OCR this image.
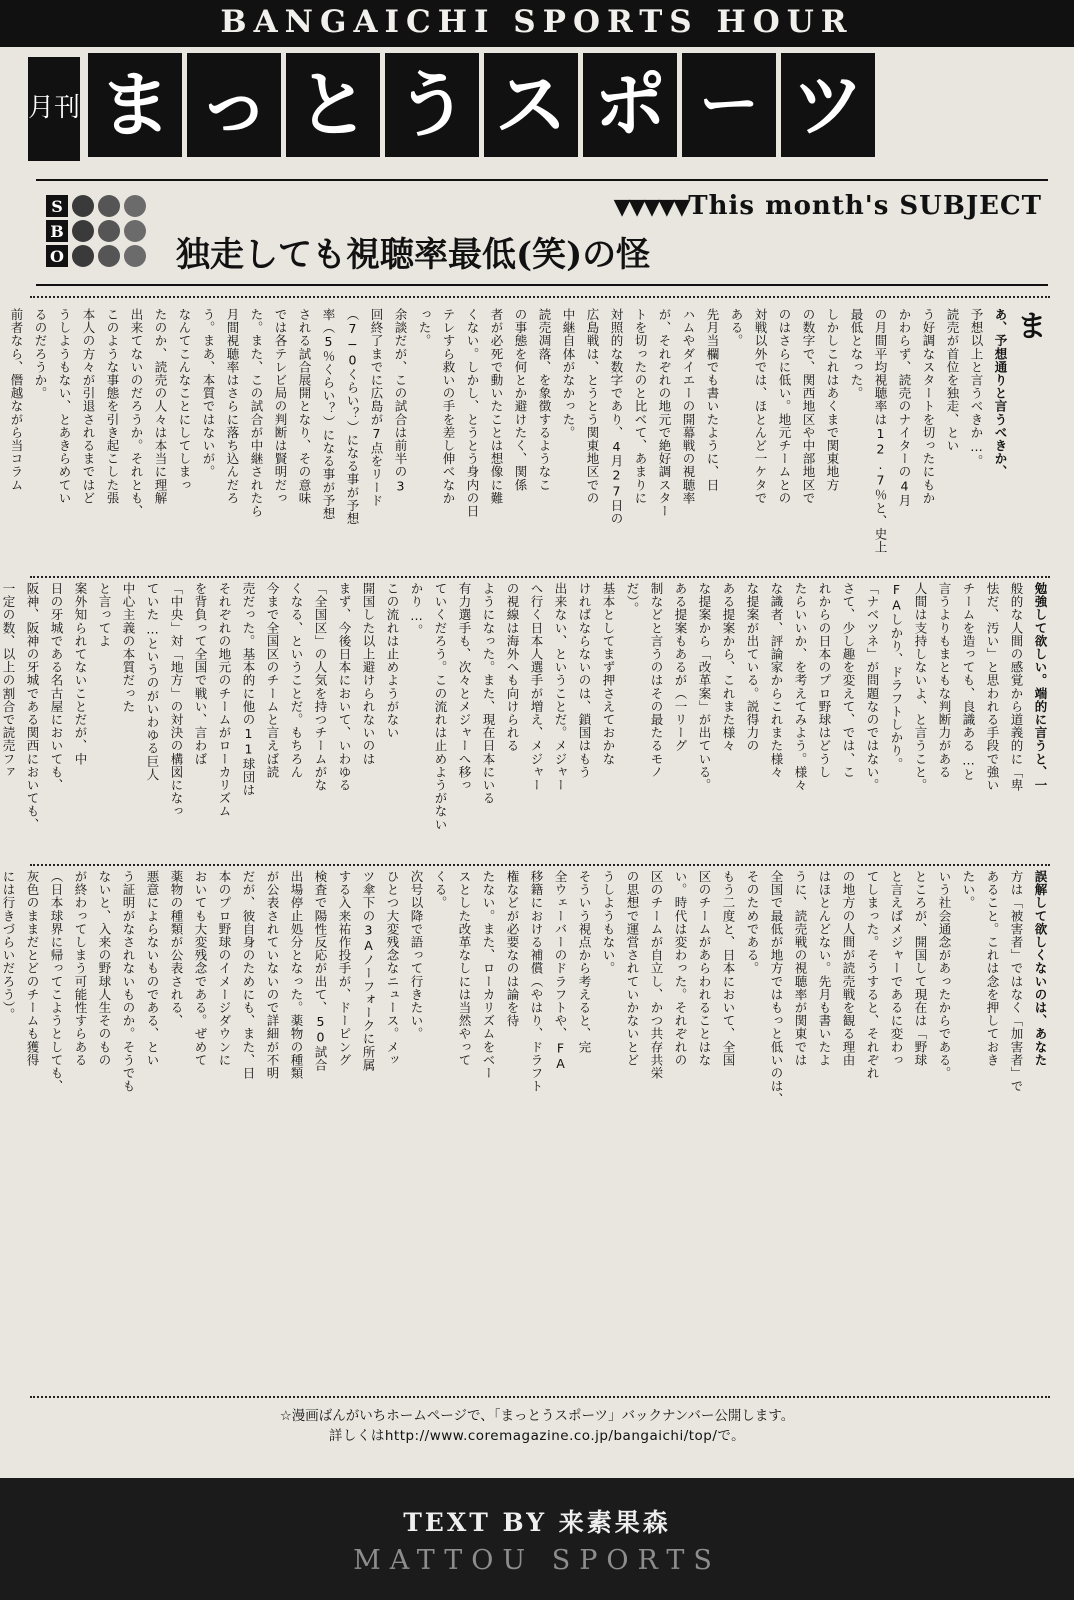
BANGAICHI SPORTS HOUR
月刊 ま っ と う ス ポ ー ツ
S
B
O
▼▼▼▼▼This month's SUBJECT
独走しても視聴率最低(笑)の怪
ま
あ、予想通りと言うべきか、
予想以上と言うべきか…。
読売が首位を独走、とい
う好調なスタートを切ったにもか
かわらず、読売のナイターの4月
の月間平均視聴率は12.7％と、史上
最低となった。
しかしこれはあくまで関東地方
の数字で、関西地区や中部地区で
のはさらに低い。地元チームとの
対戦以外では、ほとんど一ケタで
ある。
先月当欄でも書いたように、日
ハムやダイエーの開幕戦の視聴率
が、それぞれの地元で絶好調スター
トを切ったのと比べて、あまりに
対照的な数字であり、4月27日の
広島戦は、とうとう関東地区での
中継自体がなかった。
読売凋落、を象徴するようなこ
の事態を何とか避けたく、関係
者が必死で動いたことは想像に難
くない。しかし、とうとう身内の日
テレすら救いの手を差し伸べなか
った。
余談だが、この試合は前半の3
回終了までに広島が7点をリード
（7−0くらい？）になる事が予想
率（5％くらい？）になる事が予想
される試合展開となり、その意味
では各テレビ局の判断は賢明だっ
た。また、この試合が中継されたら
月間視聴率はさらに落ち込んだろ
う。まあ、本質ではないが。
なんてこんなことにしてしまっ
たのか、読売の人々は本当に理解
出来てないのだろうか。それとも、
このような事態を引き起こした張
本人の方々が引退されるまではど
うしようもない、とあきらめてい
るのだろうか。
前者なら、僭越ながら当コラム
勉強して欲しい。端的に言うと、一
般的な人間の感覚から道義的に「卑
怯だ、汚い」と思われる手段で強い
チームを造っても、良識ある…と
言うよりもまともな判断力がある
人間は支持しないよ、と言うこと。
FAしかり、ドラフトしかり。
「ナベツネ」が問題なのではない。
さて、少し趣を変えて、では、こ
れからの日本のプロ野球はどうし
たらいいか、を考えてみよう。様々
な識者、評論家からこれまた様々
な提案が出ている。説得力の
ある提案から、これまた様々
な提案から「改革案」が出ている。
ある提案もあるが（一リーグ
制などと言うのはその最たるモノ
だ）。
基本としてまず押さえておかな
ければならないのは、鎖国はもう
出来ない、ということだ。メジャー
へ行く日本人選手が増え、メジャー
の視線は海外へも向けられる
ようになった。また、現在日本にいる
有力選手も、次々とメジャーへ移っ
ていくだろう。この流れは止めようがない
かり…。
この流れは止めようがない
開国した以上避けられないのは
まず、今後日本において、いわゆる
「全国区」の人気を持つチームがな
くなる、ということだ。もちろん
今まで全国区のチームと言えば読
売だった。基本的に他の11球団は
それぞれの地元のチームがローカリズム
を背負って全国で戦い、言わば
「中央」対「地方」の対決の構図になっ
ていた…というのがいわゆる巨人
中心主義の本質だった
と言ってよ
案外知られてないことだが、中
日の牙城である名古屋においても、
阪神、阪神の牙城である関西においても、
一定の数、以上の割合で読売ファ
誤解して欲しくないのは、あなた
方は「被害者」ではなく「加害者」で
あること。これは念を押しておき
たい。
いう社会通念があったからである。
ところが、開国して現在は「野球
と言えばメジャーであるに変わっ
てしまった。そうすると、それぞれ
の地方の人間が読売戦を観る理由
はほとんどない。先月も書いたよ
うに、読売戦の視聴率が関東では
全国で最低が地方ではもっと低いのは、
そのためである。
もう二度と、日本において、全国
区のチームがあらわれることはな
い。時代は変わった。それぞれの
区のチームが自立し、かつ共存共栄
の思想で運営されていかないとど
うしようもない。
そういう視点から考えると、完
全ウェーバーのドラフトや、FA
移籍における補償（やはり、ドラフト
権などが必要なのは論を待
たない。また、ローカリズムをベー
スとした改革なしには当然やって
くる。
次号以降で語って行きたい。
ひとつ大変残念なニュース。メッ
ツ傘下の3Aノーフォークに所属
する入来祐作投手が、ドーピング
検査で陽性反応が出て、50試合
出場停止処分となった。薬物の種類
が公表されていないので詳細が不明
だが、彼自身のためにも、また、日
本のプロ野球のイメージダウンに
おいても大変残念である。ぜめて
薬物の種類が公表される、
悪意によらないものである、とい
う証明がなされないものか。そうでも
ないと、入来の野球人生そのもの
が終わってしまう可能性すらある
（日本球界に帰ってこようとしても、
灰色のままだとどのチームも獲得
には行きづらいだろう）。
☆漫画ばんがいちホームページで、「まっとうスポーツ」バックナンバー公開します。
詳しくはhttp://www.coremagazine.co.jp/bangaichi/top/で。
TEXT BY 来素果森
MATTOU SPORTS
